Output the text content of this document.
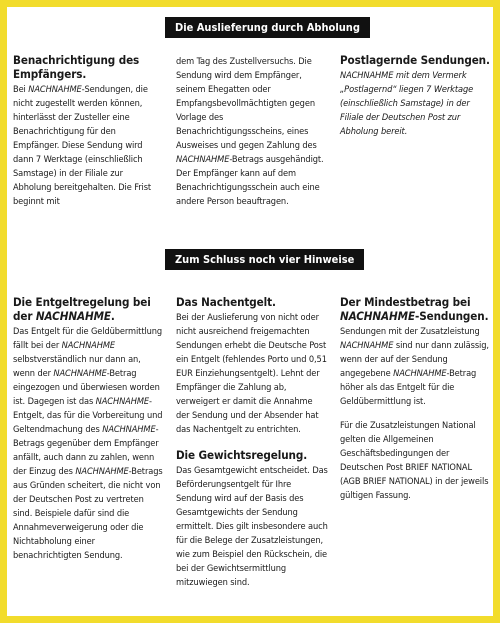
Die Auslieferung durch Abholung
Benachrichtigung des Empfängers.

Bei NACHNAHME-Sendungen, die nicht zugestellt werden können, hinterlässt der Zusteller eine Benachrichtigung für den Empfänger. Diese Sendung wird dann 7 Werktage (einschließlich Samstage) in der Filiale zur Abholung bereitgehalten. Die Frist beginnt mit

dem Tag des Zustellversuchs. Die Sendung wird dem Empfänger, seinem Ehegatten oder Empfangsbevollmächtigten gegen Vorlage des Benachrichtigungsscheins, eines Ausweises und gegen Zahlung des NACHNAHME-Betrags ausgehändigt. Der Empfänger kann auf dem Benachrichtigungsschein auch eine andere Person beauftragen.

Postlagernde Sendungen.

NACHNAHME mit dem Vermerk „Postlagernd“ liegen 7 Werktage (einschließlich Samstage) in der Filiale der Deutschen Post zur Abholung bereit.

Zum Schluss noch vier Hinweise
Die Entgeltregelung bei der NACHNAHME.

Das Entgelt für die Geldübermittlung fällt bei der NACHNAHME selbstverständlich nur dann an, wenn der NACHNAHME-Betrag eingezogen und überwiesen worden ist. Dagegen ist das NACHNAHME-Entgelt, das für die Vorbereitung und Geltendmachung des NACHNAHME-Betrags gegenüber dem Empfänger anfällt, auch dann zu zahlen, wenn der Einzug des NACHNAHME-Betrags aus Gründen scheitert, die nicht von der Deutschen Post zu vertreten sind. Beispiele dafür sind die Annahmeverweigerung oder die Nichtabholung einer benachrichtigten Sendung.

Das Nachentgelt.

Bei der Auslieferung von nicht oder nicht ausreichend freigemachten Sendungen erhebt die Deutsche Post ein Entgelt (fehlendes Porto und 0,51 EUR Einziehungsentgelt). Lehnt der Empfänger die Zahlung ab, verweigert er damit die Annahme der Sendung und der Absender hat das Nachentgelt zu entrichten.

Die Gewichtsregelung.

Das Gesamtgewicht entscheidet. Das Beförderungsentgelt für Ihre Sendung wird auf der Basis des Gesamtgewichts der Sendung ermittelt. Dies gilt insbesondere auch für die Belege der Zusatzleistungen, wie zum Beispiel den Rückschein, die bei der Gewichtsermittlung mitzuwiegen sind.

Der Mindestbetrag bei NACHNAHME-Sendungen.

Sendungen mit der Zusatzleistung NACHNAHME sind nur dann zulässig, wenn der auf der Sendung angegebene NACHNAHME-Betrag höher als das Entgelt für die Geldübermittlung ist.

Für die Zusatzleistungen National gelten die Allgemeinen Geschäftsbedingungen der Deutschen Post BRIEF NATIONAL (AGB BRIEF NATIONAL) in der jeweils gültigen Fassung.
